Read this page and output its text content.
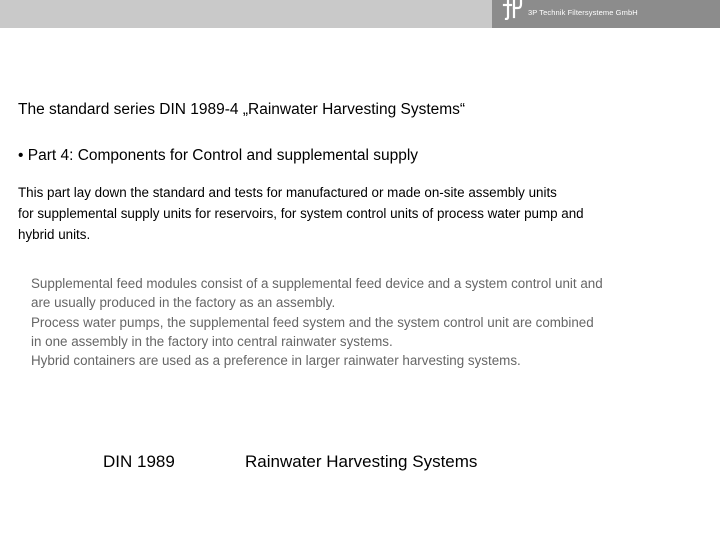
3P Technik Filtersysteme GmbH
The standard series DIN 1989-4 „Rainwater Harvesting Systems“
• Part 4: Components for Control and supplemental supply
This part lay down the standard and tests for manufactured or made on-site assembly units
for supplemental supply units for reservoirs, for system control units of process water pump and
hybrid units.
Supplemental feed modules consist of a supplemental feed device and a system control unit and
are usually produced in the factory as an assembly.
Process water pumps, the supplemental feed system and the system control unit are combined
in one assembly in the factory into central rainwater systems.
Hybrid containers are used as a preference in larger rainwater harvesting systems.
DIN 1989	Rainwater Harvesting Systems
